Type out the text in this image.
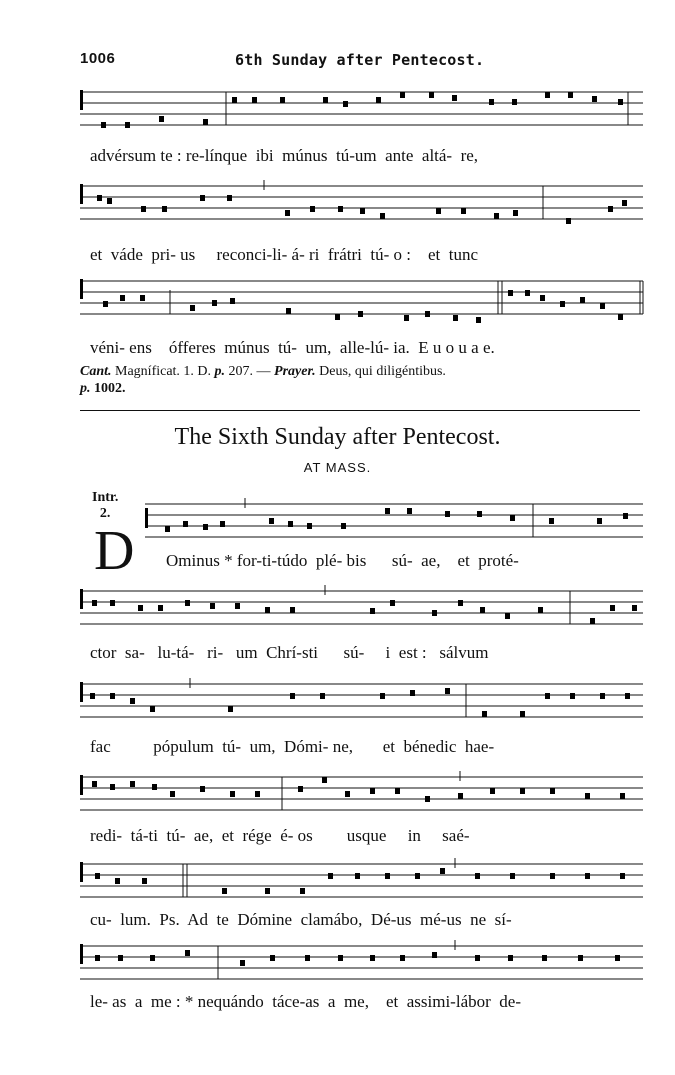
1006	6th Sunday after Pentecost.
advérsum te : re-línque  ibi  múnus  tú-um  ante  altá-  re,
et  váde  pri- us     reconci-li- á- ri  frátri  tú- o :    et  tunc
véni- ens    ófferes  múnus  tú-  um,  alle-lú- ia.  E u o u a e.
Cant. Magníficat. 1. D. p. 207. — Prayer. Deus, qui diligéntibus.
p. 1002.
The Sixth Sunday after Pentecost.
AT MASS.
Intr.
2.
D Ominus * for-ti-túdo  plé- bis      sú-  ae,    et  proté-
ctor  sa-   lu-tá-   ri-   um  Chrí-sti      sú-     i  est :   sálvum
fac          pópulum  tú-  um,  Dómi- ne,       et  bénedic  hae-
redi-  tá-ti  tú-  ae,  et  rége  é- os        usque     in     saé-
cu-  lum.  Ps.  Ad  te  Dómine  clamábo,  Dé-us  mé-us  ne  sí-
le- as  a  me : * nequándo  táce-as  a  me,    et  assimi-lábor  de-
